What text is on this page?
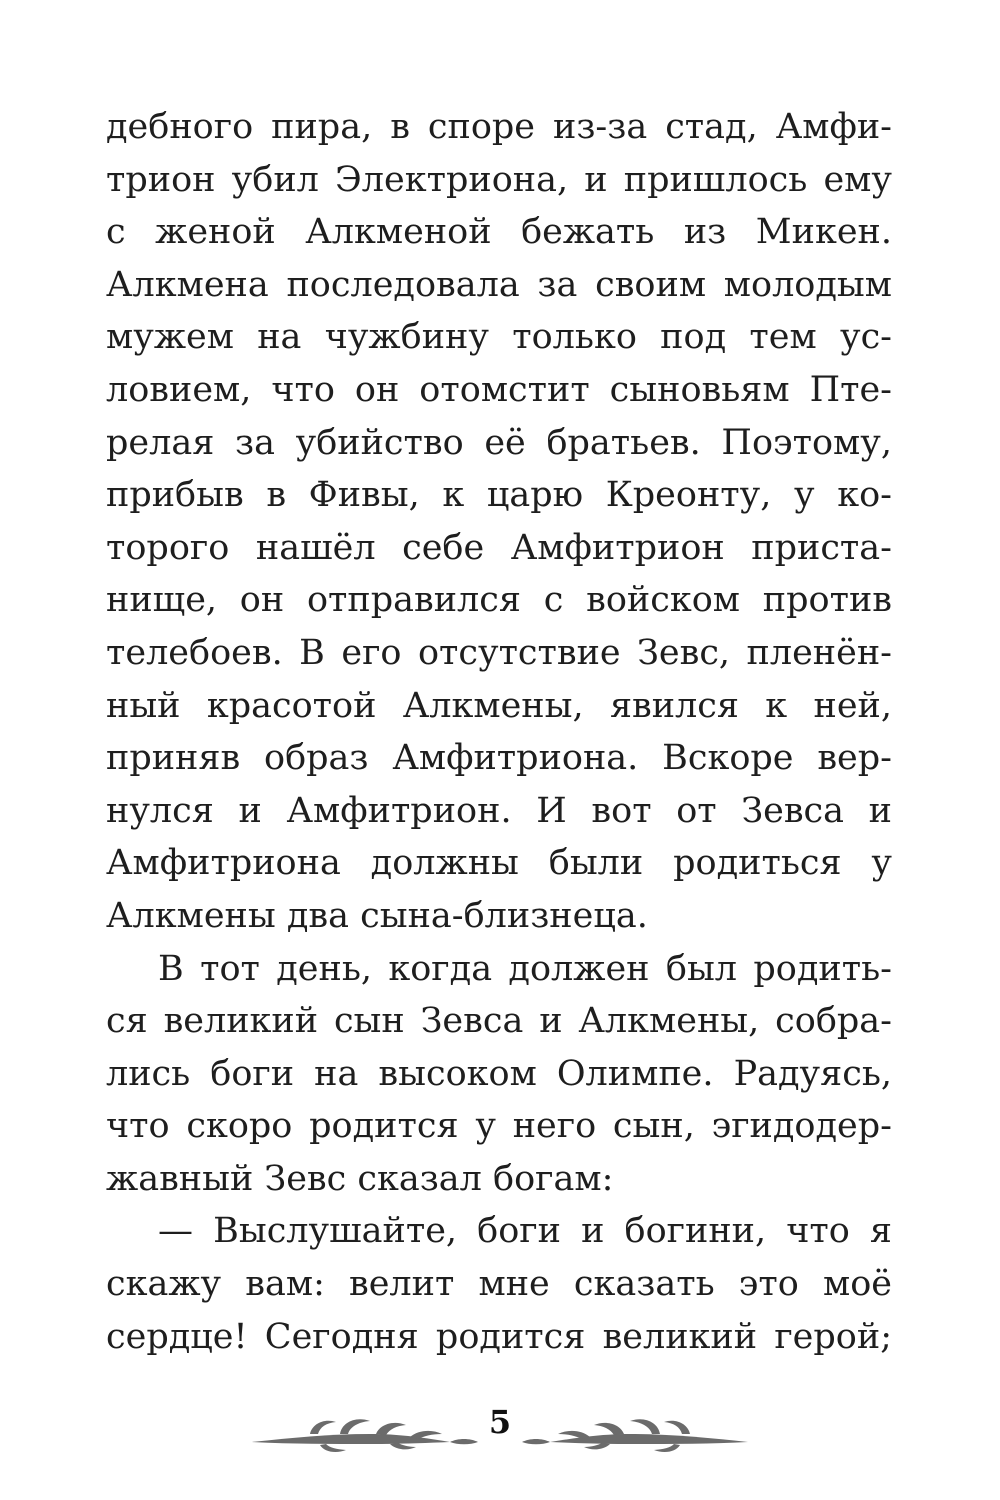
дебного пира, в споре из-за стад, Амфи-
трион убил Электриона, и пришлось ему
с женой Алкменой бежать из Микен.
Алкмена последовала за своим молодым
мужем на чужбину только под тем ус-
ловием, что он отомстит сыновьям Пте-
релая за убийство её братьев. Поэтому,
прибыв в Фивы, к царю Креонту, у ко-
торого нашёл себе Амфитрион приста-
нище, он отправился с войском против
телебоев. В его отсутствие Зевс, пленён-
ный красотой Алкмены, явился к ней,
приняв образ Амфитриона. Вскоре вер-
нулся и Амфитрион. И вот от Зевса и
Амфитриона должны были родиться у
Алкмены два сына-близнеца.
В тот день, когда должен был родить-
ся великий сын Зевса и Алкмены, собра-
лись боги на высоком Олимпе. Радуясь,
что скоро родится у него сын, эгидодер-
жавный Зевс сказал богам:
— Выслушайте, боги и богини, что я
скажу вам: велит мне сказать это моё
сердце! Сегодня родится великий герой;
5
